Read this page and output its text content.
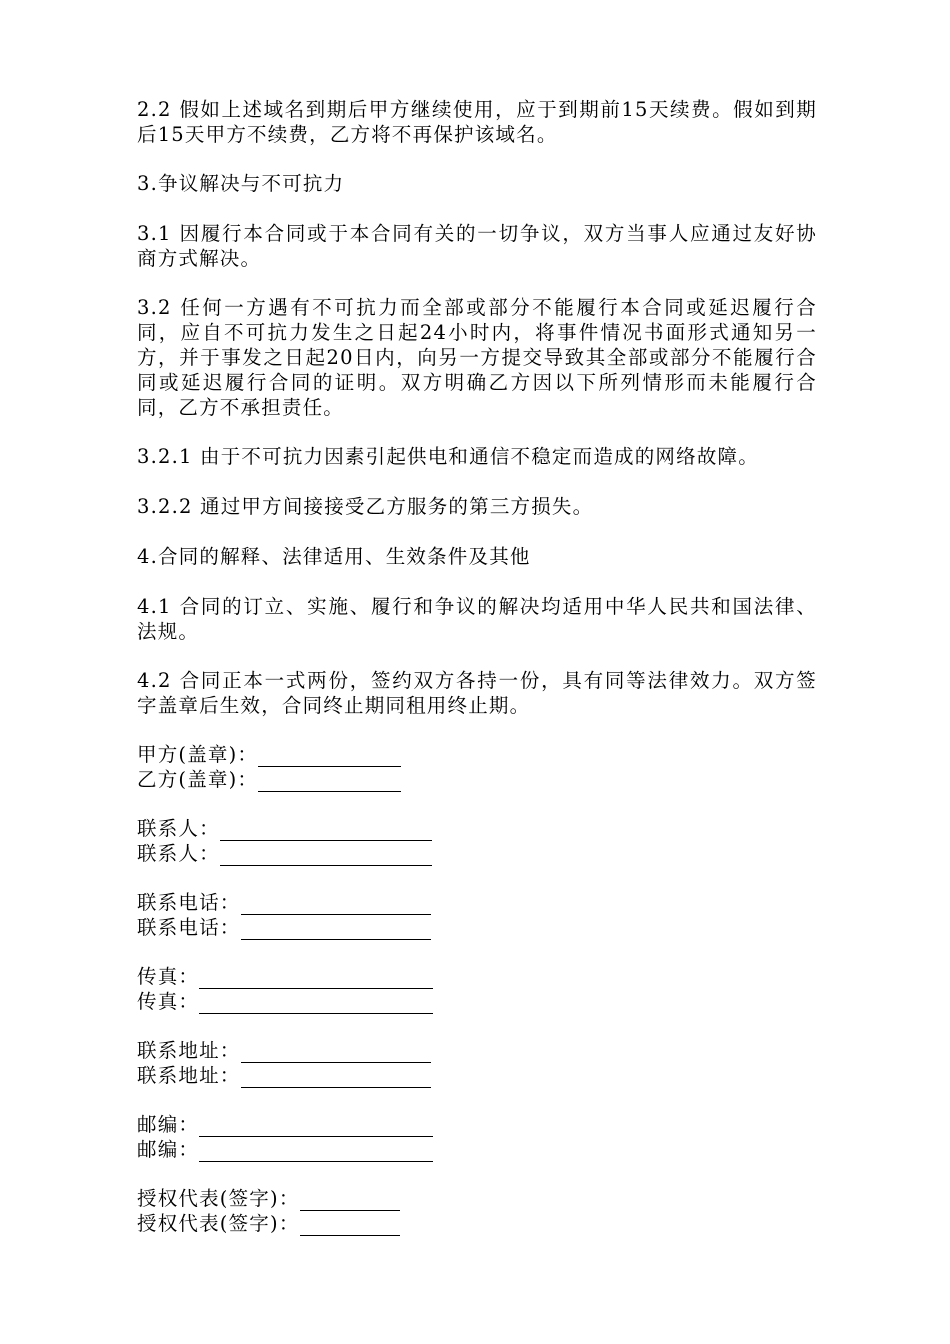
2.2 假如上述域名到期后甲方继续使用，应于到期前15天续费。假如到期后15天甲方不续费，乙方将不再保护该域名。

3.争议解决与不可抗力

3.1 因履行本合同或于本合同有关的一切争议，双方当事人应通过友好协商方式解决。

3.2 任何一方遇有不可抗力而全部或部分不能履行本合同或延迟履行合同，应自不可抗力发生之日起24小时内，将事件情况书面形式通知另一方，并于事发之日起20日内，向另一方提交导致其全部或部分不能履行合同或延迟履行合同的证明。双方明确乙方因以下所列情形而未能履行合同，乙方不承担责任。

3.2.1 由于不可抗力因素引起供电和通信不稳定而造成的网络故障。

3.2.2 通过甲方间接接受乙方服务的第三方损失。

4.合同的解释、法律适用、生效条件及其他

4.1 合同的订立、实施、履行和争议的解决均适用中华人民共和国法律、法规。

4.2 合同正本一式两份，签约双方各持一份，具有同等法律效力。双方签字盖章后生效，合同终止期同租用终止期。

甲方(盖章)：
乙方(盖章)：
联系人：
联系人：
联系电话：
联系电话：
传真：
传真：
联系地址：
联系地址：
邮编：
邮编：
授权代表(签字)：
授权代表(签字)：
